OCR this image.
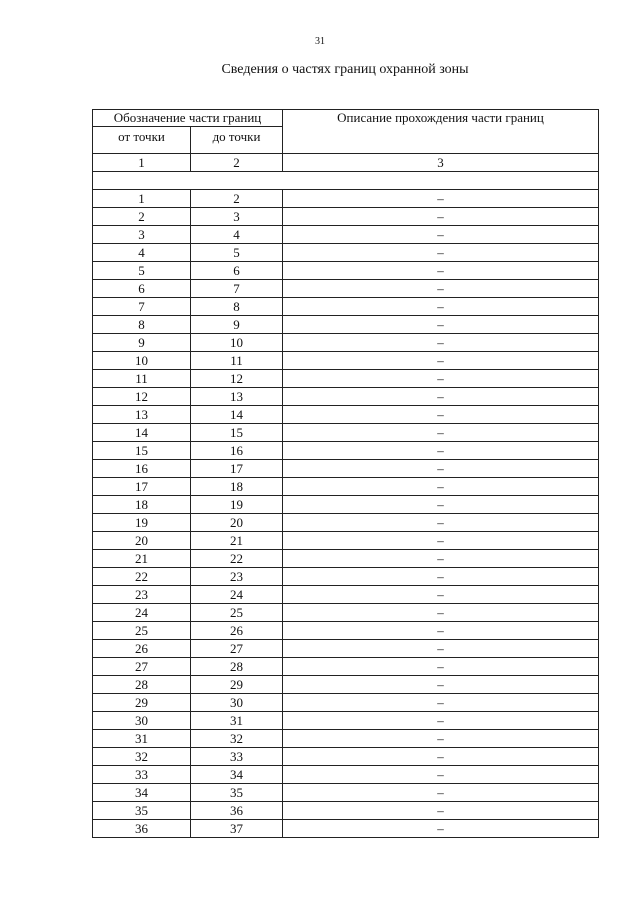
31
Сведения о частях границ охранной зоны
Обозначение части границ		Описание прохождения части границ
от точки	до точки	
1	2	3

1	2	–
2	3	–
3	4	–
4	5	–
5	6	–
6	7	–
7	8	–
8	9	–
9	10	–
10	11	–
11	12	–
12	13	–
13	14	–
14	15	–
15	16	–
16	17	–
17	18	–
18	19	–
19	20	–
20	21	–
21	22	–
22	23	–
23	24	–
24	25	–
25	26	–
26	27	–
27	28	–
28	29	–
29	30	–
30	31	–
31	32	–
32	33	–
33	34	–
34	35	–
35	36	–
36	37	–
